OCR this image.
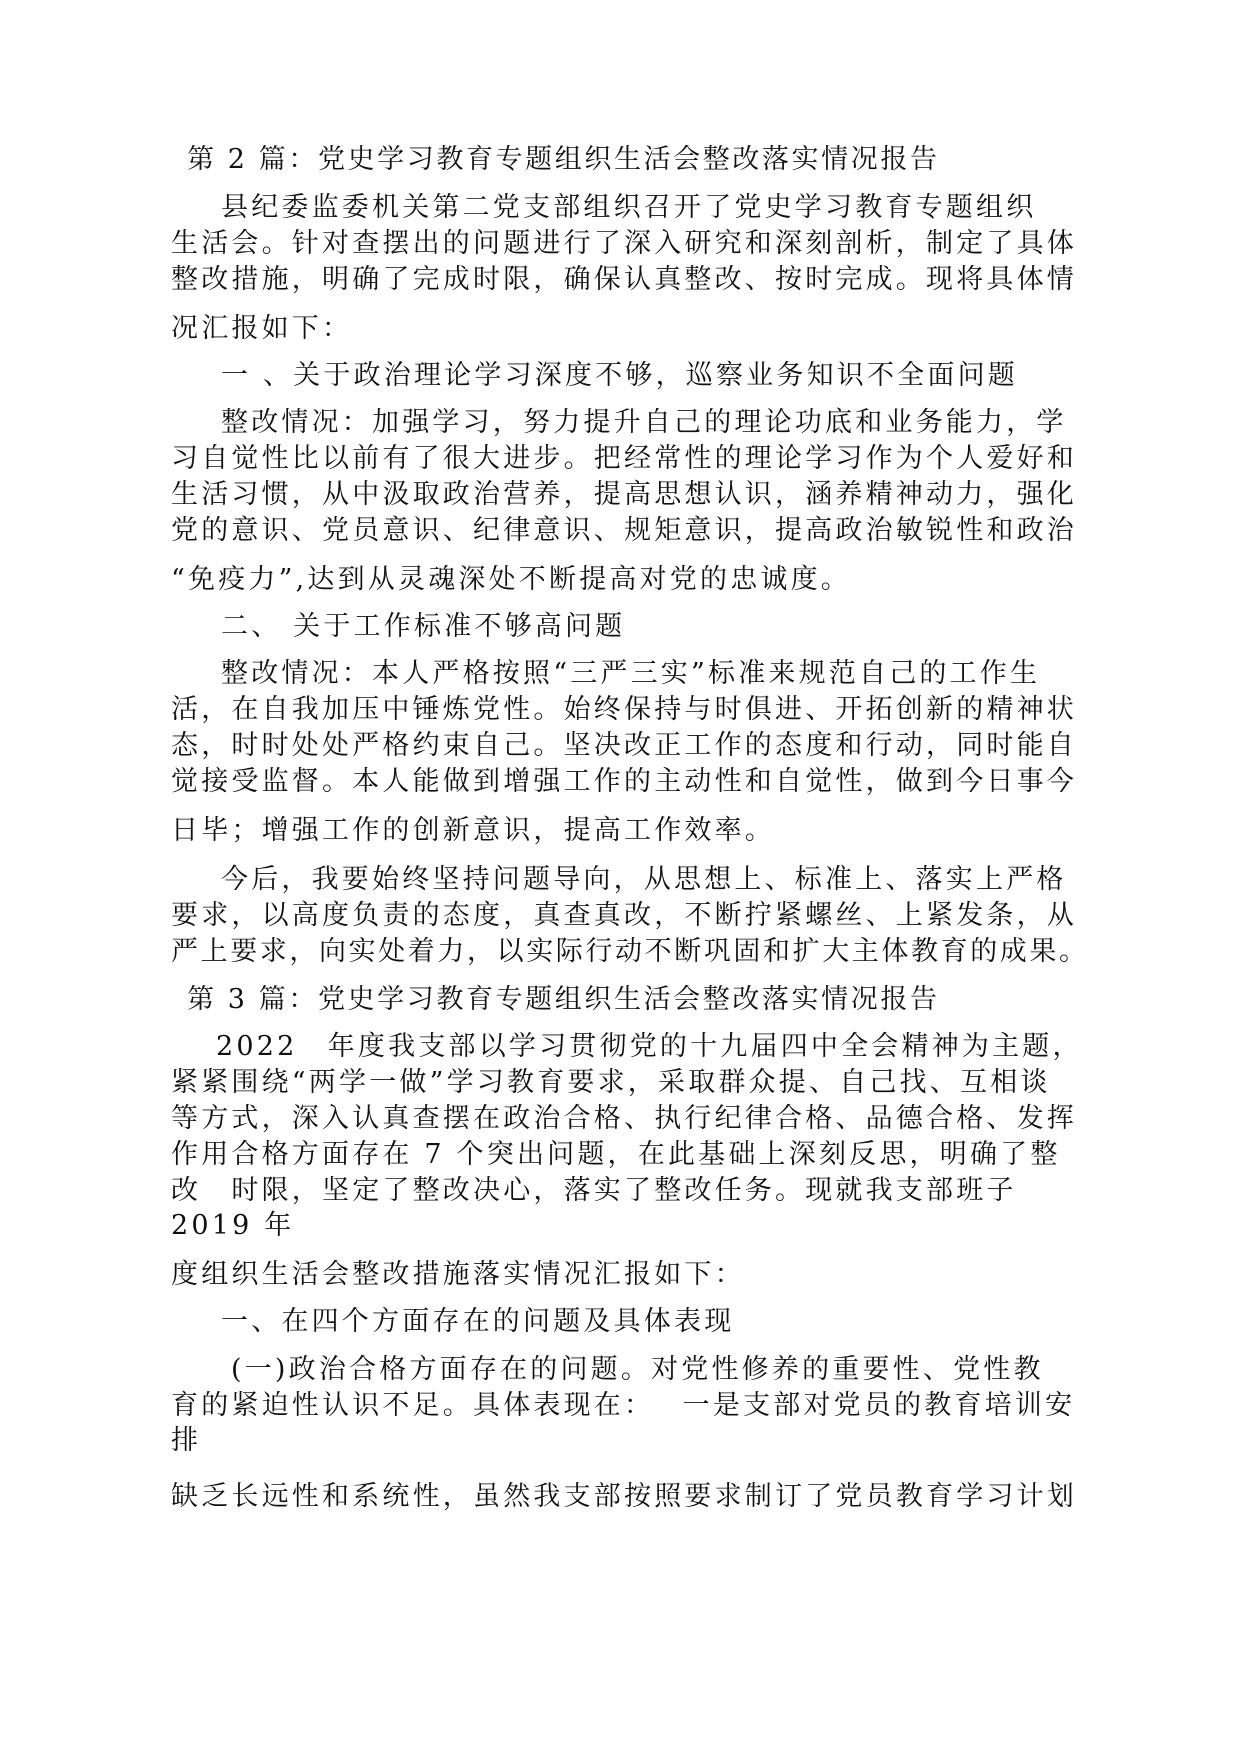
第 2 篇：党史学习教育专题组织生活会整改落实情况报告
县纪委监委机关第二党支部组织召开了党史学习教育专题组织
生活会。针对查摆出的问题进行了深入研究和深刻剖析，制定了具体
整改措施，明确了完成时限，确保认真整改、按时完成。现将具体情
况汇报如下：
一 、关于政治理论学习深度不够，巡察业务知识不全面问题
整改情况：加强学习，努力提升自己的理论功底和业务能力，学
习自觉性比以前有了很大进步。把经常性的理论学习作为个人爱好和
生活习惯，从中汲取政治营养，提高思想认识，涵养精神动力，强化
党的意识、党员意识、纪律意识、规矩意识，提高政治敏锐性和政治
“免疫力”,达到从灵魂深处不断提高对党的忠诚度。
二、 关于工作标准不够高问题
整改情况：本人严格按照“三严三实”标准来规范自己的工作生
活，在自我加压中锤炼党性。始终保持与时俱进、开拓创新的精神状
态，时时处处严格约束自己。坚决改正工作的态度和行动，同时能自
觉接受监督。本人能做到增强工作的主动性和自觉性，做到今日事今
日毕；增强工作的创新意识，提高工作效率。
今后，我要始终坚持问题导向，从思想上、标准上、落实上严格
要求，以高度负责的态度，真查真改，不断拧紧螺丝、上紧发条，从
严上要求，向实处着力，以实际行动不断巩固和扩大主体教育的成果。
第 3 篇：党史学习教育专题组织生活会整改落实情况报告
2022　年度我支部以学习贯彻党的十九届四中全会精神为主题，
紧紧围绕“两学一做”学习教育要求，采取群众提、自己找、互相谈
等方式，深入认真查摆在政治合格、执行纪律合格、品德合格、发挥
作用合格方面存在 7 个突出问题，在此基础上深刻反思，明确了整
改　时限，坚定了整改决心，落实了整改任务。现就我支部班子
2019 年
度组织生活会整改措施落实情况汇报如下：
一、在四个方面存在的问题及具体表现
(一)政治合格方面存在的问题。对党性修养的重要性、党性教
育的紧迫性认识不足。具体表现在：　 一是支部对党员的教育培训安
排
缺乏长远性和系统性，虽然我支部按照要求制订了党员教育学习计划
